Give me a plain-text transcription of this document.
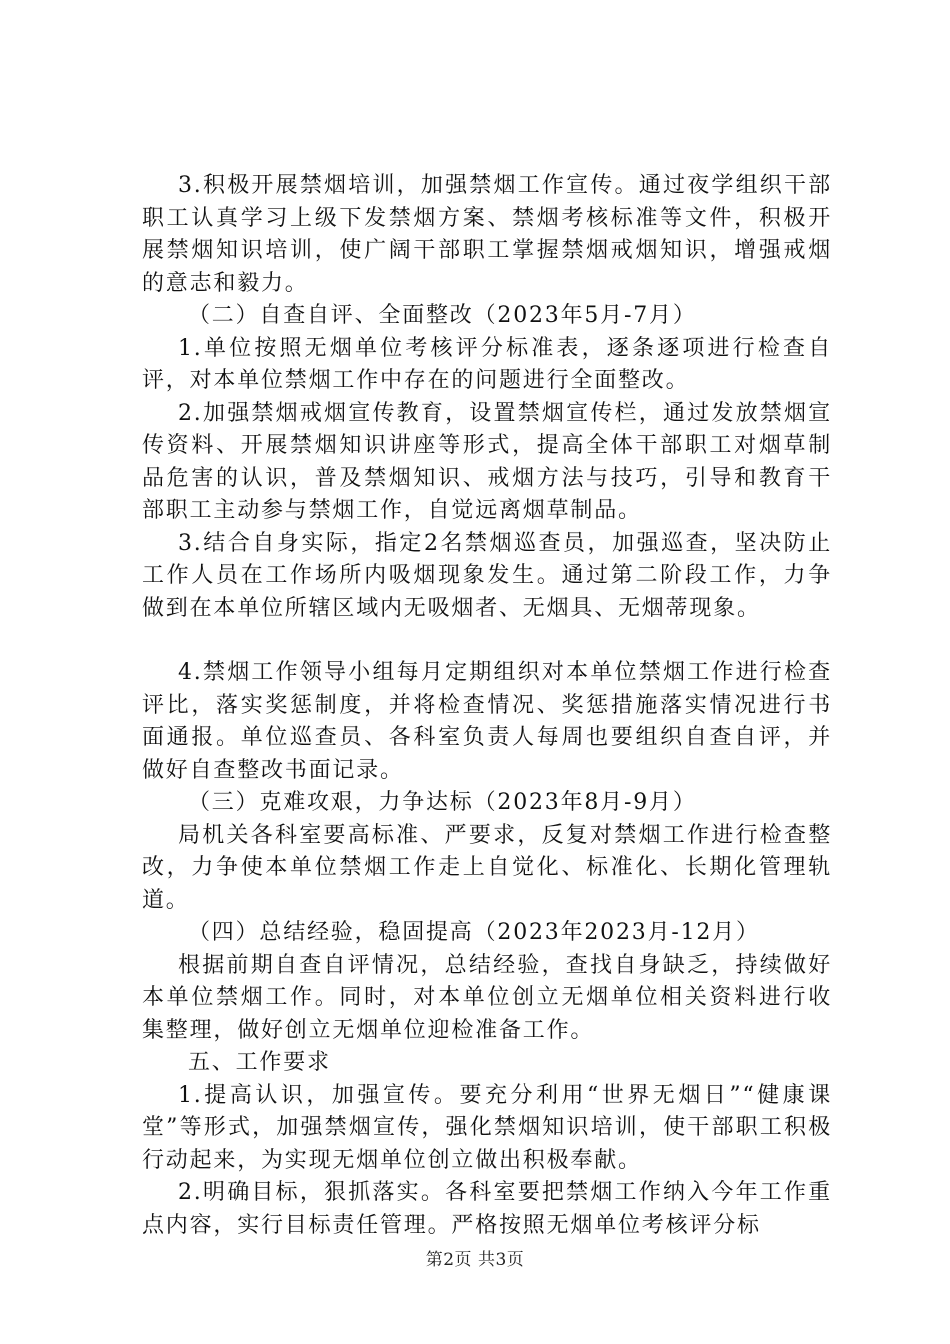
3.积极开展禁烟培训，加强禁烟工作宣传。通过夜学组织干部职工认真学习上级下发禁烟方案、禁烟考核标准等文件，积极开展禁烟知识培训，使广阔干部职工掌握禁烟戒烟知识，增强戒烟的意志和毅力。

（二）自查自评、全面整改（2023年5月-7月）

1.单位按照无烟单位考核评分标准表，逐条逐项进行检查自评，对本单位禁烟工作中存在的问题进行全面整改。

2.加强禁烟戒烟宣传教育，设置禁烟宣传栏，通过发放禁烟宣传资料、开展禁烟知识讲座等形式，提高全体干部职工对烟草制品危害的认识，普及禁烟知识、戒烟方法与技巧，引导和教育干部职工主动参与禁烟工作，自觉远离烟草制品。

3.结合自身实际，指定2名禁烟巡查员，加强巡查，坚决防止工作人员在工作场所内吸烟现象发生。通过第二阶段工作，力争做到在本单位所辖区域内无吸烟者、无烟具、无烟蒂现象。

4.禁烟工作领导小组每月定期组织对本单位禁烟工作进行检查评比，落实奖惩制度，并将检查情况、奖惩措施落实情况进行书面通报。单位巡查员、各科室负责人每周也要组织自查自评，并做好自查整改书面记录。

（三）克难攻艰，力争达标（2023年8月-9月）

局机关各科室要高标准、严要求，反复对禁烟工作进行检查整改，力争使本单位禁烟工作走上自觉化、标准化、长期化管理轨道。

（四）总结经验，稳固提高（2023年2023月-12月）

根据前期自查自评情况，总结经验，查找自身缺乏，持续做好本单位禁烟工作。同时，对本单位创立无烟单位相关资料进行收集整理，做好创立无烟单位迎检准备工作。

五、工作要求

1.提高认识，加强宣传。要充分利用“世界无烟日”“健康课堂”等形式，加强禁烟宣传，强化禁烟知识培训，使干部职工积极行动起来，为实现无烟单位创立做出积极奉献。

2.明确目标，狠抓落实。各科室要把禁烟工作纳入今年工作重点内容，实行目标责任管理。严格按照无烟单位考核评分标

第2页 共3页
